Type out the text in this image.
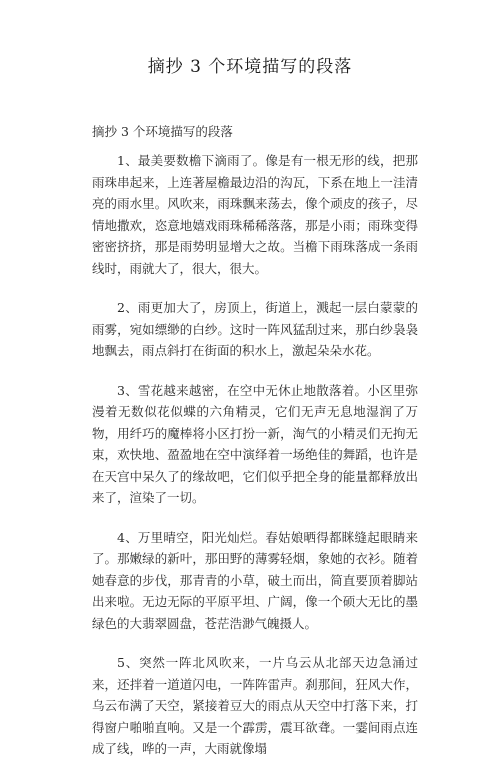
摘抄 3 个环境描写的段落
摘抄 3 个环境描写的段落

1、最美要数檐下滴雨了。像是有一根无形的线，把那雨珠串起来，上连著屋檐最边沿的沟瓦，下系在地上一洼清亮的雨水里。风吹来，雨珠飘来荡去，像个顽皮的孩子，尽情地撒欢，恣意地嬉戏雨珠稀稀落落，那是小雨；雨珠变得密密挤挤，那是雨势明显增大之故。当檐下雨珠落成一条雨线时，雨就大了，很大，很大。

2、雨更加大了，房顶上，街道上，溅起一层白蒙蒙的雨雾，宛如缥缈的白纱。这时一阵风猛刮过来，那白纱袅袅地飘去，雨点斜打在街面的积水上，激起朵朵水花。

3、雪花越来越密，在空中无休止地散落着。小区里弥漫着无数似花似蝶的六角精灵，它们无声无息地湿润了万物，用纤巧的魔棒将小区打扮一新，淘气的小精灵们无拘无束，欢快地、盈盈地在空中演绎着一场绝佳的舞蹈，也许是在天宫中呆久了的缘故吧，它们似乎把全身的能量都释放出来了，渲染了一切。

4、万里晴空，阳光灿烂。春姑娘晒得都眯缝起眼睛来了。那嫩绿的新叶，那田野的薄雾轻烟，象她的衣衫。随着她春意的步伐，那青青的小草，破土而出，简直要顶着脚站出来啦。无边无际的平原平坦、广阔，像一个硕大无比的墨绿色的大翡翠圆盘，苍茫浩渺气魄摄人。

5、突然一阵北风吹来，一片乌云从北部天边急涌过来，还拌着一道道闪电，一阵阵雷声。刹那间，狂风大作，乌云布满了天空，紧接着豆大的雨点从天空中打落下来，打得窗户啪啪直响。又是一个霹雳，震耳欲聋。一霎间雨点连成了线，哗的一声，大雨就像塌
